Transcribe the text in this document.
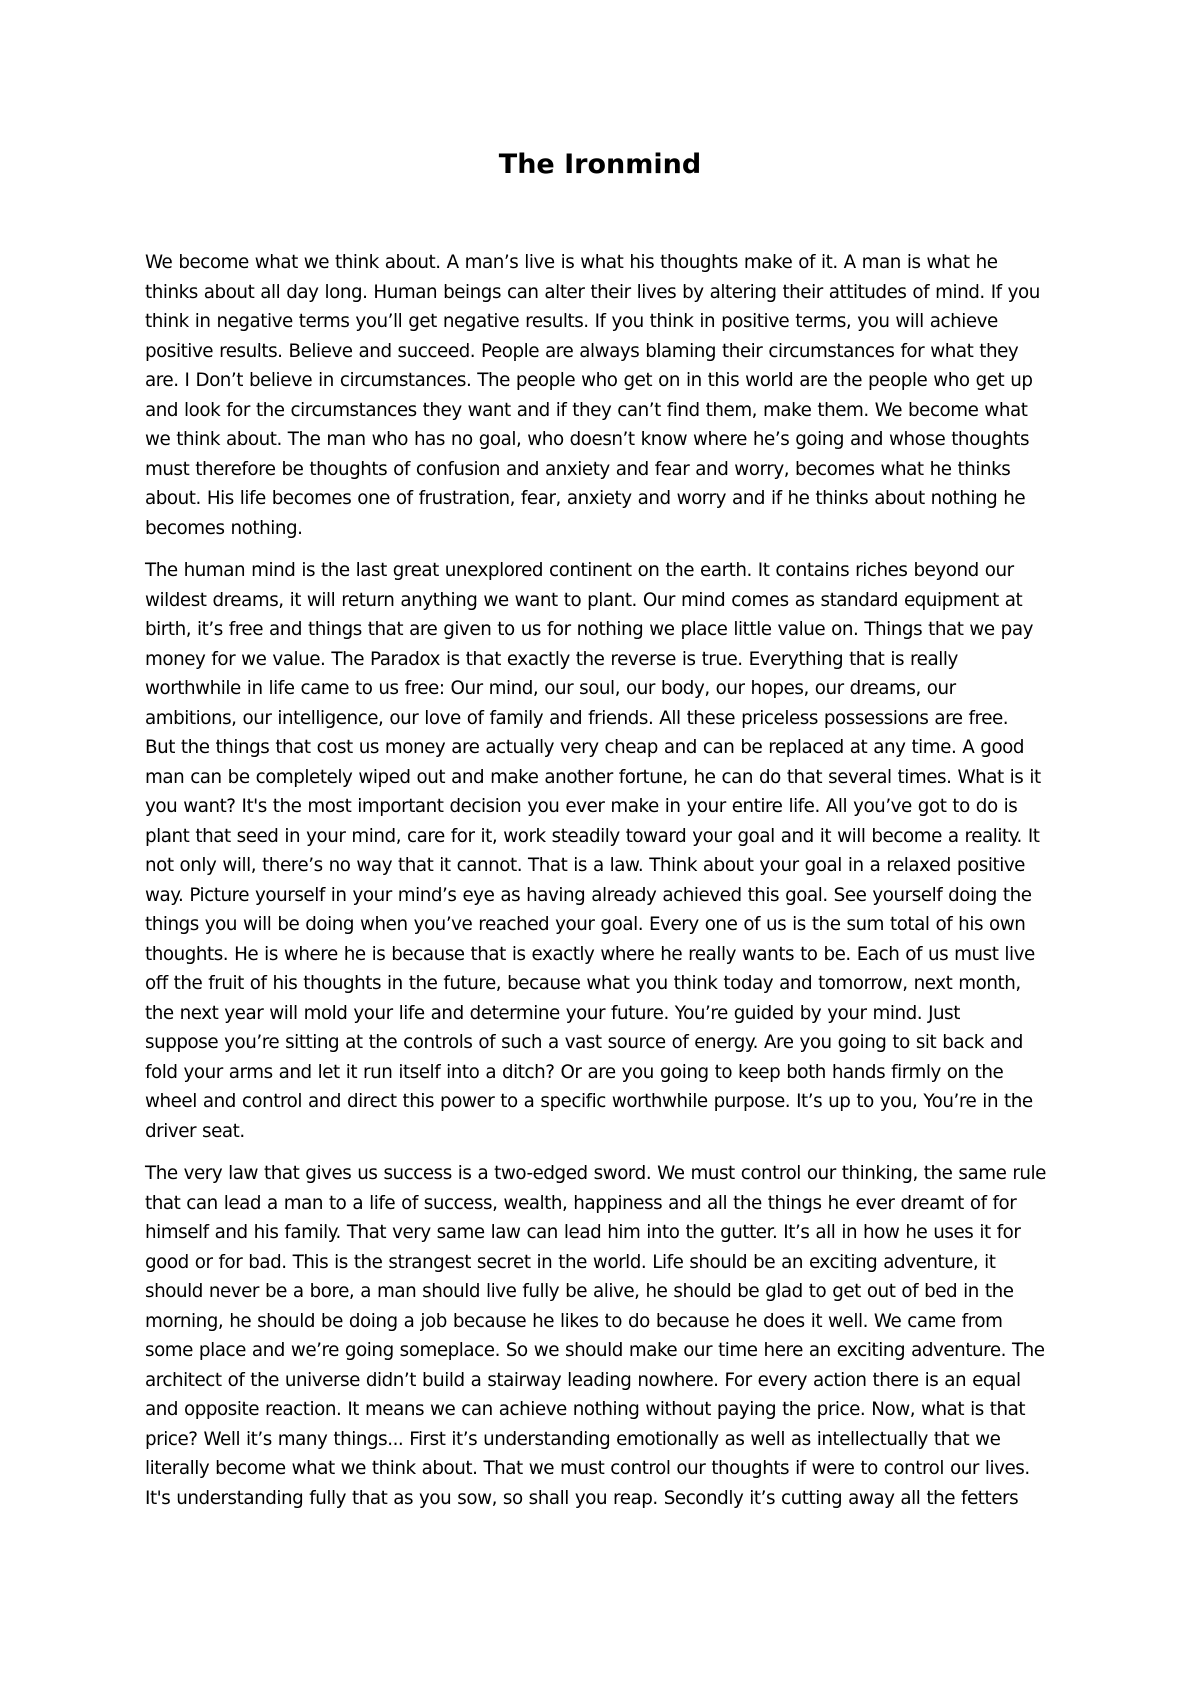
The Ironmind

We become what we think about. A man’s live is what his thoughts make of it. A man is what he
thinks about all day long. Human beings can alter their lives by altering their attitudes of mind. If you
think in negative terms you’ll get negative results. If you think in positive terms, you will achieve
positive results. Believe and succeed. People are always blaming their circumstances for what they
are. I Don’t believe in circumstances. The people who get on in this world are the people who get up
and look for the circumstances they want and if they can’t find them, make them. We become what
we think about. The man who has no goal, who doesn’t know where he’s going and whose thoughts
must therefore be thoughts of confusion and anxiety and fear and worry, becomes what he thinks
about. His life becomes one of frustration, fear, anxiety and worry and if he thinks about nothing he
becomes nothing.

The human mind is the last great unexplored continent on the earth. It contains riches beyond our
wildest dreams, it will return anything we want to plant. Our mind comes as standard equipment at
birth, it’s free and things that are given to us for nothing we place little value on. Things that we pay
money for we value. The Paradox is that exactly the reverse is true. Everything that is really
worthwhile in life came to us free: Our mind, our soul, our body, our hopes, our dreams, our
ambitions, our intelligence, our love of family and friends. All these priceless possessions are free.
But the things that cost us money are actually very cheap and can be replaced at any time. A good
man can be completely wiped out and make another fortune, he can do that several times. What is it
you want? It's the most important decision you ever make in your entire life. All you’ve got to do is
plant that seed in your mind, care for it, work steadily toward your goal and it will become a reality. It
not only will, there’s no way that it cannot. That is a law. Think about your goal in a relaxed positive
way. Picture yourself in your mind’s eye as having already achieved this goal. See yourself doing the
things you will be doing when you’ve reached your goal. Every one of us is the sum total of his own
thoughts. He is where he is because that is exactly where he really wants to be. Each of us must live
off the fruit of his thoughts in the future, because what you think today and tomorrow, next month,
the next year will mold your life and determine your future. You’re guided by your mind. Just
suppose you’re sitting at the controls of such a vast source of energy. Are you going to sit back and
fold your arms and let it run itself into a ditch? Or are you going to keep both hands firmly on the
wheel and control and direct this power to a specific worthwhile purpose. It’s up to you, You’re in the
driver seat.

The very law that gives us success is a two-edged sword. We must control our thinking, the same rule
that can lead a man to a life of success, wealth, happiness and all the things he ever dreamt of for
himself and his family. That very same law can lead him into the gutter. It’s all in how he uses it for
good or for bad. This is the strangest secret in the world. Life should be an exciting adventure, it
should never be a bore, a man should live fully be alive, he should be glad to get out of bed in the
morning, he should be doing a job because he likes to do because he does it well. We came from
some place and we’re going someplace. So we should make our time here an exciting adventure. The
architect of the universe didn’t build a stairway leading nowhere. For every action there is an equal
and opposite reaction. It means we can achieve nothing without paying the price. Now, what is that
price? Well it’s many things... First it’s understanding emotionally as well as intellectually that we
literally become what we think about. That we must control our thoughts if were to control our lives.
It's understanding fully that as you sow, so shall you reap. Secondly it’s cutting away all the fetters
